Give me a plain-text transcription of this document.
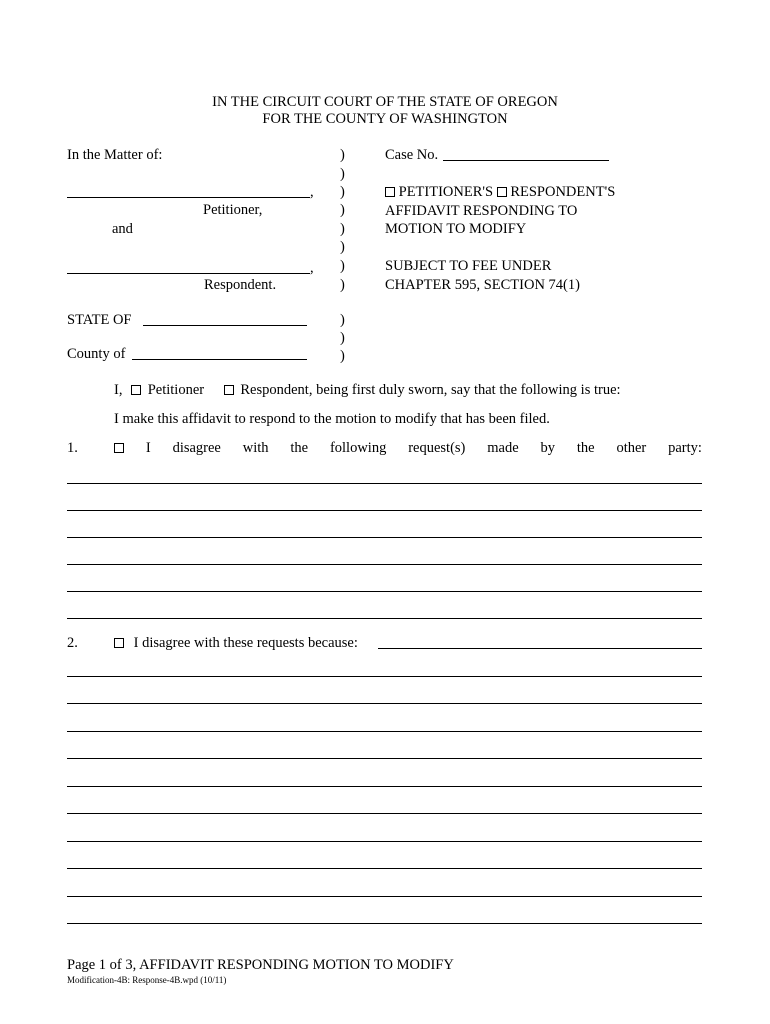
IN THE CIRCUIT COURT OF THE STATE OF OREGON
FOR THE COUNTY OF WASHINGTON
In the Matter of:
,
Petitioner,
and
,
Respondent.
STATE OF
County of
)
)
)
)
)
)
)
)
)
)
)
Case No.
PETITIONER'S RESPONDENT'S
AFFIDAVIT RESPONDING TO
MOTION TO MODIFY
SUBJECT TO FEE UNDER
CHAPTER 595, SECTION 74(1)
I, Petitioner	Respondent, being first duly sworn, say that the following is true:
I make this affidavit to respond to the motion to modify that has been filed.
1.	I disagree with the following request(s) made by the other party:
2.	I disagree with these requests because:
Page 1 of 3, AFFIDAVIT RESPONDING MOTION TO MODIFY
Modification-4B: Response-4B.wpd (10/11)
